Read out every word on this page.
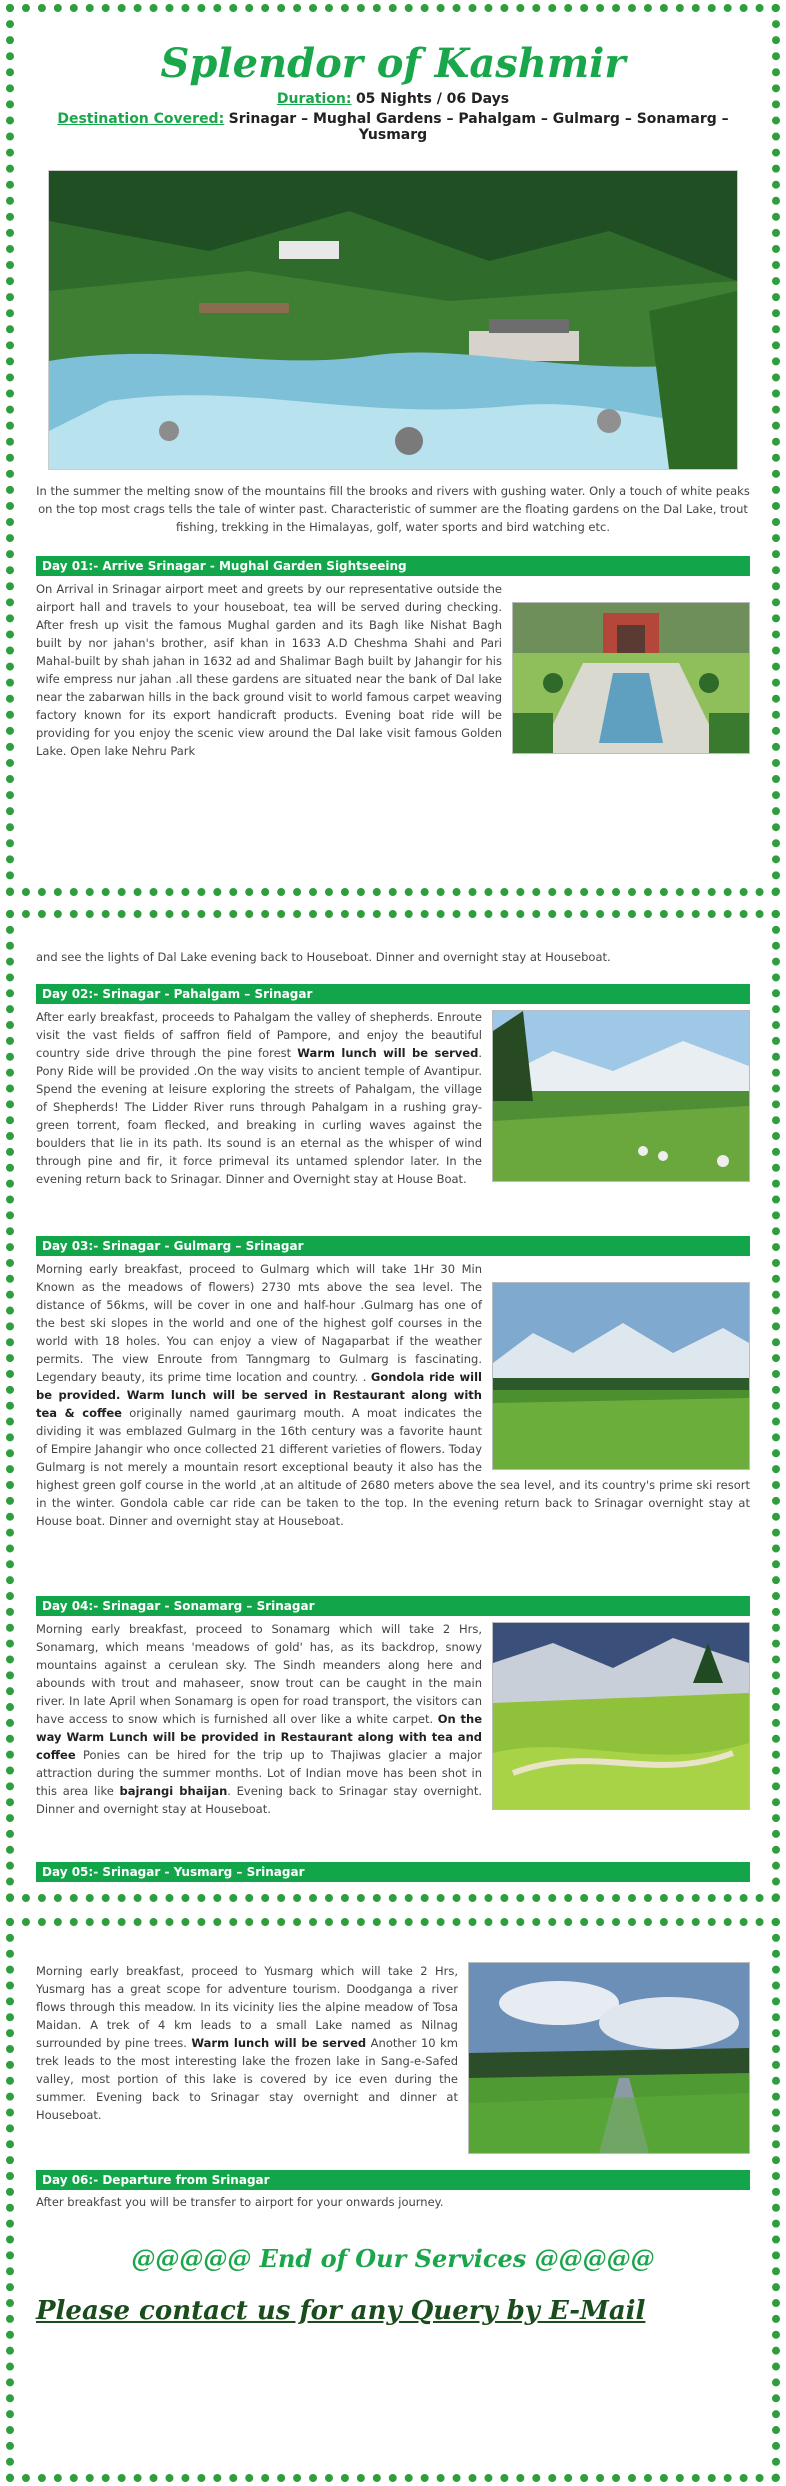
Splendor of Kashmir
Duration: 05 Nights / 06 Days
Destination Covered: Srinagar – Mughal Gardens – Pahalgam – Gulmarg – Sonamarg – Yusmarg

In the summer the melting snow of the mountains fill the brooks and rivers with gushing water. Only a touch of white peaks on the top most crags tells the tale of winter past. Characteristic of summer are the floating gardens on the Dal Lake, trout fishing, trekking in the Himalayas, golf, water sports and bird watching etc.

Day 01:- Arrive Srinagar - Mughal Garden Sightseeing

On Arrival in Srinagar airport meet and greets by our representative outside the airport hall and travels to your houseboat, tea will be served during checking. After fresh up visit the famous Mughal garden and its Bagh like Nishat Bagh built by nor jahan's brother, asif khan in 1633 A.D Cheshma Shahi and Pari Mahal-built by shah jahan in 1632 ad and Shalimar Bagh built by Jahangir for his wife empress nur jahan .all these gardens are situated near the bank of Dal lake near the zabarwan hills in the back ground visit to world famous carpet weaving factory known for its export handicraft products. Evening boat ride will be providing for you enjoy the scenic view around the Dal lake visit famous Golden Lake. Open lake Nehru Park

and see the lights of Dal Lake evening back to Houseboat. Dinner and overnight stay at Houseboat.

Day 02:- Srinagar - Pahalgam – Srinagar

After early breakfast, proceeds to Pahalgam the valley of shepherds. Enroute visit the vast fields of saffron field of Pampore, and enjoy the beautiful country side drive through the pine forest Warm lunch will be served. Pony Ride will be provided .On the way visits to ancient temple of Avantipur. Spend the evening at leisure exploring the streets of Pahalgam, the village of Shepherds! The Lidder River runs through Pahalgam in a rushing gray-green torrent, foam flecked, and breaking in curling waves against the boulders that lie in its path. Its sound is an eternal as the whisper of wind through pine and fir, it force primeval its untamed splendor later. In the evening return back to Srinagar. Dinner and Overnight stay at House Boat.

Day 03:- Srinagar - Gulmarg – Srinagar

Morning early breakfast, proceed to Gulmarg which will take 1Hr 30 Min Known as the meadows of flowers) 2730 mts above the sea level. The distance of 56kms, will be cover in one and half-hour .Gulmarg has one of the best ski slopes in the world and one of the highest golf courses in the world with 18 holes. You can enjoy a view of Nagaparbat if the weather permits. The view Enroute from Tanngmarg to Gulmarg is fascinating. Legendary beauty, its prime time location and country. . Gondola ride will be provided. Warm lunch will be served in Restaurant along with tea & coffee originally named gaurimarg mouth. A moat indicates the dividing it was emblazed Gulmarg in the 16th century was a favorite haunt of Empire Jahangir who once collected 21 different varieties of flowers. Today Gulmarg is not merely a mountain resort exceptional beauty it also has the highest green golf course in the world ,at an altitude of 2680 meters above the sea level, and its country's prime ski resort in the winter. Gondola cable car ride can be taken to the top. In the evening return back to Srinagar overnight stay at House boat. Dinner and overnight stay at Houseboat.

Day 04:- Srinagar - Sonamarg – Srinagar

Morning early breakfast, proceed to Sonamarg which will take 2 Hrs, Sonamarg, which means 'meadows of gold' has, as its backdrop, snowy mountains against a cerulean sky. The Sindh meanders along here and abounds with trout and mahaseer, snow trout can be caught in the main river. In late April when Sonamarg is open for road transport, the visitors can have access to snow which is furnished all over like a white carpet. On the way Warm Lunch will be provided in Restaurant along with tea and coffee Ponies can be hired for the trip up to Thajiwas glacier a major attraction during the summer months. Lot of Indian move has been shot in this area like bajrangi bhaijan. Evening back to Srinagar stay overnight. Dinner and overnight stay at Houseboat.

Day 05:- Srinagar - Yusmarg – Srinagar

Morning early breakfast, proceed to Yusmarg which will take 2 Hrs, Yusmarg has a great scope for adventure tourism. Doodganga a river flows through this meadow. In its vicinity lies the alpine meadow of Tosa Maidan. A trek of 4 km leads to a small Lake named as Nilnag surrounded by pine trees. Warm lunch will be served Another 10 km trek leads to the most interesting lake the frozen lake in Sang-e-Safed valley, most portion of this lake is covered by ice even during the summer. Evening back to Srinagar stay overnight and dinner at Houseboat.

Day 06:- Departure from Srinagar

After breakfast you will be transfer to airport for your onwards journey.

@@@@@ End of Our Services @@@@@
Please contact us for any Query by E-Mail
